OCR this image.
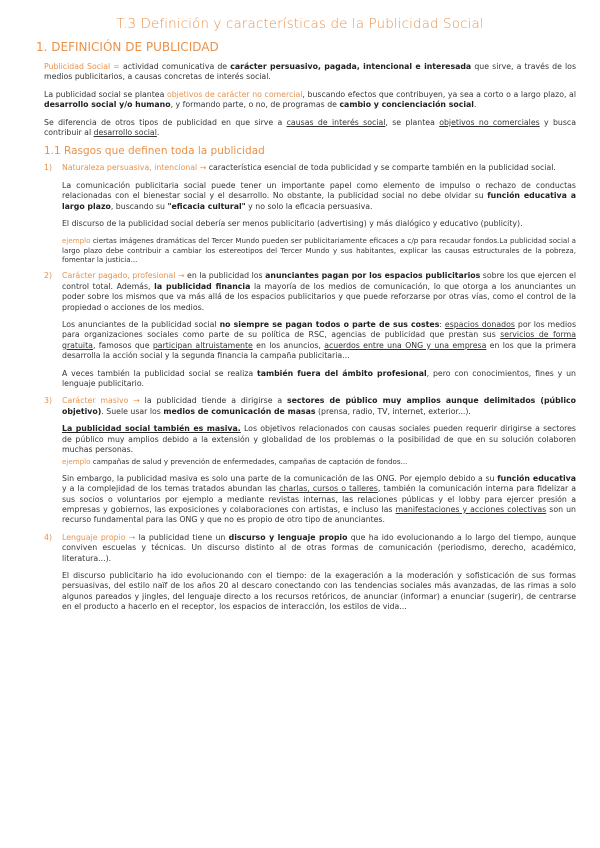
T.3 Definición y características de la Publicidad Social
1. DEFINICIÓN DE PUBLICIDAD

Publicidad Social = actividad comunicativa de carácter persuasivo, pagada, intencional e interesada que sirve, a través de los medios publicitarios, a causas concretas de interés social.

La publicidad social se plantea objetivos de carácter no comercial, buscando efectos que contribuyen, ya sea a corto o a largo plazo, al desarrollo social y/o humano, y formando parte, o no, de programas de cambio y concienciación social.

Se diferencia de otros tipos de publicidad en que sirve a causas de interés social, se plantea objetivos no comerciales y busca contribuir al desarrollo social.

1.1 Rasgos que definen toda la publicidad
1) Naturaleza persuasiva, intencional → característica esencial de toda publicidad y se comparte también en la publicidad social.

La comunicación publicitaria social puede tener un importante papel como elemento de impulso o rechazo de conductas relacionadas con el bienestar social y el desarrollo. No obstante, la publicidad social no debe olvidar su función educativa a largo plazo, buscando su "eficacia cultural" y no solo la eficacia persuasiva.

El discurso de la publicidad social debería ser menos publicitario (advertising) y más dialógico y educativo (publicity).

ejemplo ciertas imágenes dramáticas del Tercer Mundo pueden ser publicitariamente eficaces a c/p para recaudar fondos.La publicidad social a largo plazo debe contribuir a cambiar los estereotipos del Tercer Mundo y sus habitantes, explicar las causas estructurales de la pobreza, fomentar la justicia...

2) Carácter pagado, profesional → en la publicidad los anunciantes pagan por los espacios publicitarios sobre los que ejercen el control total. Además, la publicidad financia la mayoría de los medios de comunicación, lo que otorga a los anunciantes un poder sobre los mismos que va más allá de los espacios publicitarios y que puede reforzarse por otras vías, como el control de la propiedad o acciones de los medios.

Los anunciantes de la publicidad social no siempre se pagan todos o parte de sus costes: espacios donados por los medios para organizaciones sociales como parte de su política de RSC, agencias de publicidad que prestan sus servicios de forma gratuita, famosos que participan altruistamente en los anuncios, acuerdos entre una ONG y una empresa en los que la primera desarrolla la acción social y la segunda financia la campaña publicitaria...

A veces también la publicidad social se realiza también fuera del ámbito profesional, pero con conocimientos, fines y un lenguaje publicitario.

3) Carácter masivo → la publicidad tiende a dirigirse a sectores de público muy amplios aunque delimitados (público objetivo). Suele usar los medios de comunicación de masas (prensa, radio, TV, internet, exterior...).

La publicidad social también es masiva. Los objetivos relacionados con causas sociales pueden requerir dirigirse a sectores de público muy amplios debido a la extensión y globalidad de los problemas o la posibilidad de que en su solución colaboren muchas personas.

ejemplo campañas de salud y prevención de enfermedades, campañas de captación de fondos...

Sin embargo, la publicidad masiva es solo una parte de la comunicación de las ONG. Por ejemplo debido a su función educativa y a la complejidad de los temas tratados abundan las charlas, cursos o talleres, también la comunicación interna para fidelizar a sus socios o voluntarios por ejemplo a mediante revistas internas, las relaciones públicas y el lobby para ejercer presión a empresas y gobiernos, las exposiciones y colaboraciones con artistas, e incluso las manifestaciones y acciones colectivas son un recurso fundamental para las ONG y que no es propio de otro tipo de anunciantes.

4) Lenguaje propio → la publicidad tiene un discurso y lenguaje propio que ha ido evolucionando a lo largo del tiempo, aunque conviven escuelas y técnicas. Un discurso distinto al de otras formas de comunicación (periodismo, derecho, académico, literatura...).

El discurso publicitario ha ido evolucionando con el tiempo: de la exageración a la moderación y sofisticación de sus formas persuasivas, del estilo naïf de los años 20 al descaro conectando con las tendencias sociales más avanzadas, de las rimas a solo algunos pareados y jingles, del lenguaje directo a los recursos retóricos, de anunciar (informar) a enunciar (sugerir), de centrarse en el producto a hacerlo en el receptor, los espacios de interacción, los estilos de vida...
